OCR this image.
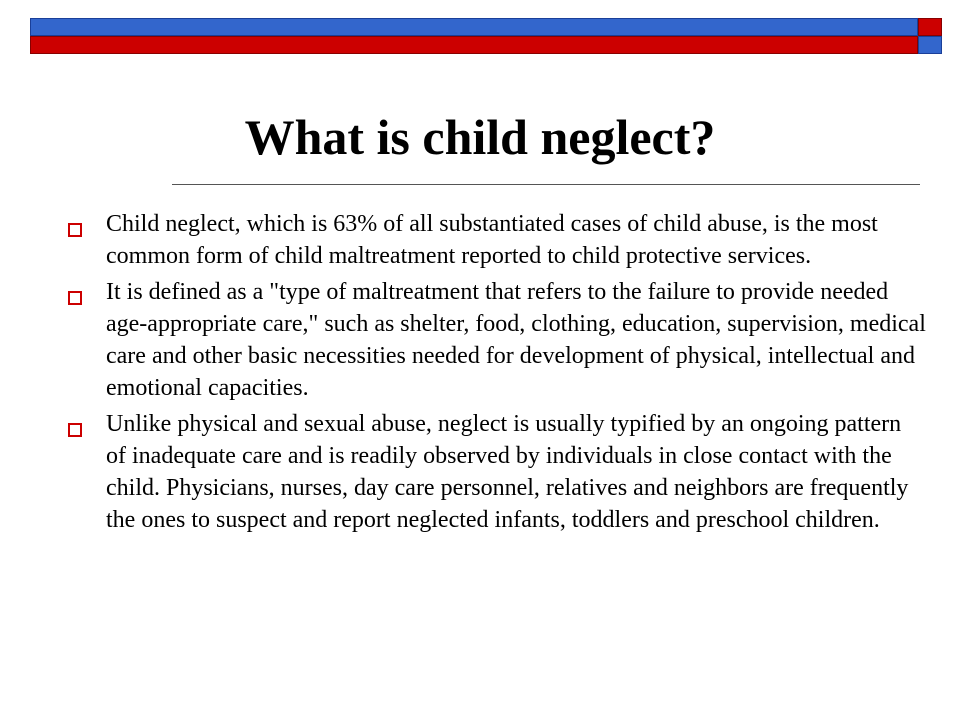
What is child neglect?
Child neglect, which is 63% of all substantiated cases of child abuse, is the most common form of child maltreatment reported to child protective services.
It is defined as a "type of maltreatment that refers to the failure to provide needed age-appropriate care," such as shelter, food, clothing, education, supervision, medical care and other basic necessities needed for development of physical, intellectual and emotional capacities.
Unlike physical and sexual abuse, neglect is usually typified by an ongoing pattern of inadequate care and is readily observed by individuals in close contact with the child. Physicians, nurses, day care personnel, relatives and neighbors are frequently the ones to suspect and report neglected infants, toddlers and preschool children.
